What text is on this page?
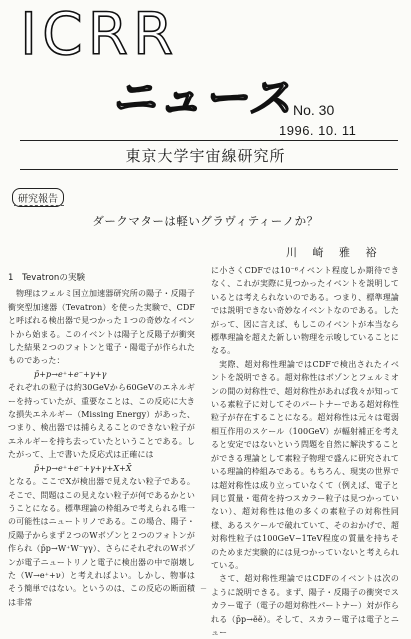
ICRR
ニュース
No. 30
1996. 10. 11
東京大学宇宙線研究所
研究報告
ダークマターは軽いグラヴィティーノか？
川 崎 雅 裕

1　Tevatronの実験

物理はフェルミ国立加速器研究所の陽子・反陽子衝突型加速器（Tevatron）を使った実験で、CDFと呼ばれる検出器で見つかった１つの奇妙なイベントから始まる。このイベントは陽子と反陽子が衝突した結果２つのフォトンと電子・陽電子が作られたものであった：

p̄+p→e⁺+e⁻+γ+γ

それぞれの粒子は約30GeVから60GeVのエネルギーを持っていたが、重要なことは、この反応に大きな損失エネルギー（Missing Energy）があった、つまり、検出器では捕らえることのできない粒子がエネルギーを持ち去っていたということである。したがって、上で書いた反応式は正確には

p̄+p→e⁺+e⁻+γ+γ+X+X̄

となる。ここでXが検出器で見えない粒子である。そこで、問題はこの見えない粒子が何であるかということになる。標準理論の枠組みで考えられる唯一の可能性はニュートリノである。この場合、陽子・反陽子からまず２つのWボゾンと２つのフォトンが作られ（p̄p→W⁺W⁻γγ）、さらにそれぞれのWボゾンが電子ニュートリノと電子に検出器の中で崩壊した（W→e⁺+ν）と考えればよい。しかし、物事はそう簡単ではない。というのは、この反応の断面積は非常

に小さくCDFでは10⁻⁶イベント程度しか期待できなく、これが実際に見つかったイベントを説明しているとは考えられないのである。つまり、標準理論では説明できない奇妙なイベントなのである。したがって、図に言えば、もしこのイベントが本当なら標準理論を超えた新しい物理を示唆していることになる。

実際、超対称性理論ではCDFで検出されたイベントを説明できる。超対称性はボゾンとフェルミオンの間の対称性で、超対称性があれば我々が知っている素粒子に対してそのパートナーである超対称性粒子が存在することになる。超対称性は元々は電弱相互作用のスケール（100GeV）が輻射補正を考えると安定ではないという問題を自然に解決することができる理論として素粒子物理で盛んに研究されている理論的枠組みである。もちろん、現実の世界では超対称性は成り立っていなくて（例えば、電子と同じ質量・電荷を持つスカラー粒子は見つかっていない）、超対称性は他の多くの素粒子の対称性同様、あるスケールで破れていて、そのおかげで、超対称性粒子は100GeV−1TeV程度の質量を持ちそのためまだ実験的には見つかっていないと考えられている。

さて、超対称性理論ではCDFのイベントは次のように説明できる。まず、陽子・反陽子の衝突でスカラー電子（電子の超対称性パートナー）対が作られる（p̄p→ẽẽ）。そして、スカラー電子は電子とニュー

－
